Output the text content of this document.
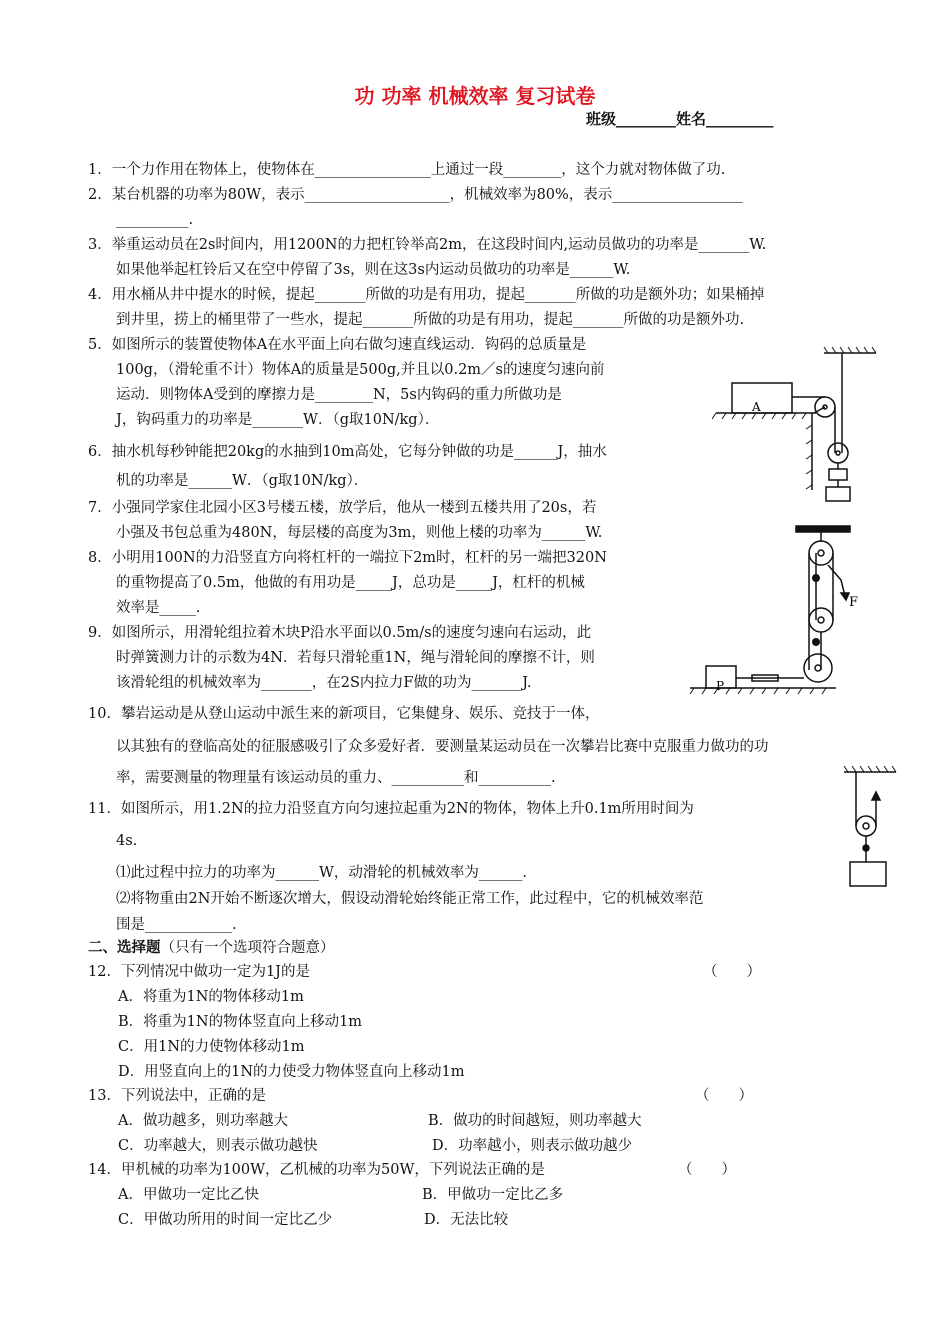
功 功率 机械效率 复习试卷
班级________姓名_________
1．一个力作用在物体上，使物体在________________上通过一段________，这个力就对物体做了功.
2．某台机器的功率为80W，表示____________________，机械效率为80%，表示__________________
__________.
3．举重运动员在2s时间内，用1200N的力把杠铃举高2m，在这段时间内,运动员做功的功率是_______W.
如果他举起杠铃后又在空中停留了3s，则在这3s内运动员做功的功率是______W.
4．用水桶从井中提水的时候，提起_______所做的功是有用功，提起_______所做的功是额外功；如果桶掉
到井里，捞上的桶里带了一些水，提起_______所做的功是有用功，提起_______所做的功是额外功.
5．如图所示的装置使物体A在水平面上向右做匀速直线运动．钩码的总质量是
100g，（滑轮重不计）物体A的质量是500g,并且以0.2m／s的速度匀速向前
运动．则物体A受到的摩擦力是________N，5s内钩码的重力所做功是
J，钩码重力的功率是_______W．（g取10N/kg）．
6．抽水机每秒钟能把20kg的水抽到10m高处，它每分钟做的功是______J，抽水
机的功率是______W．（g取10N/kg）．
7．小强同学家住北园小区3号楼五楼，放学后，他从一楼到五楼共用了20s，若
小强及书包总重为480N，每层楼的高度为3m，则他上楼的功率为______W.
8．小明用100N的力沿竖直方向将杠杆的一端拉下2m时，杠杆的另一端把320N
的重物提高了0.5m，他做的有用功是_____J，总功是_____J，杠杆的机械
效率是_____.
9．如图所示，用滑轮组拉着木块P沿水平面以0.5m/s的速度匀速向右运动，此
时弹簧测力计的示数为4N．若每只滑轮重1N，绳与滑轮间的摩擦不计，则
该滑轮组的机械效率为_______，在2S内拉力F做的功为_______J.
10．攀岩运动是从登山运动中派生来的新项目，它集健身、娱乐、竞技于一体，
以其独有的登临高处的征服感吸引了众多爱好者．要测量某运动员在一次攀岩比赛中克服重力做功的功
率，需要测量的物理量有该运动员的重力、__________和__________.
11．如图所示，用1.2N的拉力沿竖直方向匀速拉起重为2N的物体，物体上升0.1m所用时间为
4s.
⑴此过程中拉力的功率为______W，动滑轮的机械效率为______.
⑵将物重由2N开始不断逐次增大，假设动滑轮始终能正常工作，此过程中，它的机械效率范
围是____________.
二、选择题（只有一个选项符合题意）
12．下列情况中做功一定为1J的是	（　　）
A．将重为1N的物体移动1m
B．将重为1N的物体竖直向上移动1m
C．用1N的力使物体移动1m
D．用竖直向上的1N的力使受力物体竖直向上移动1m
13．下列说法中，正确的是	（　　）
A．做功越多，则功率越大	B．做功的时间越短，则功率越大
C．功率越大，则表示做功越快	D．功率越小，则表示做功越少
14．甲机械的功率为100W，乙机械的功率为50W，下列说法正确的是	（　　）
A．甲做功一定比乙快	B．甲做功一定比乙多
C．甲做功所用的时间一定比乙少	D．无法比较
A
F
P
